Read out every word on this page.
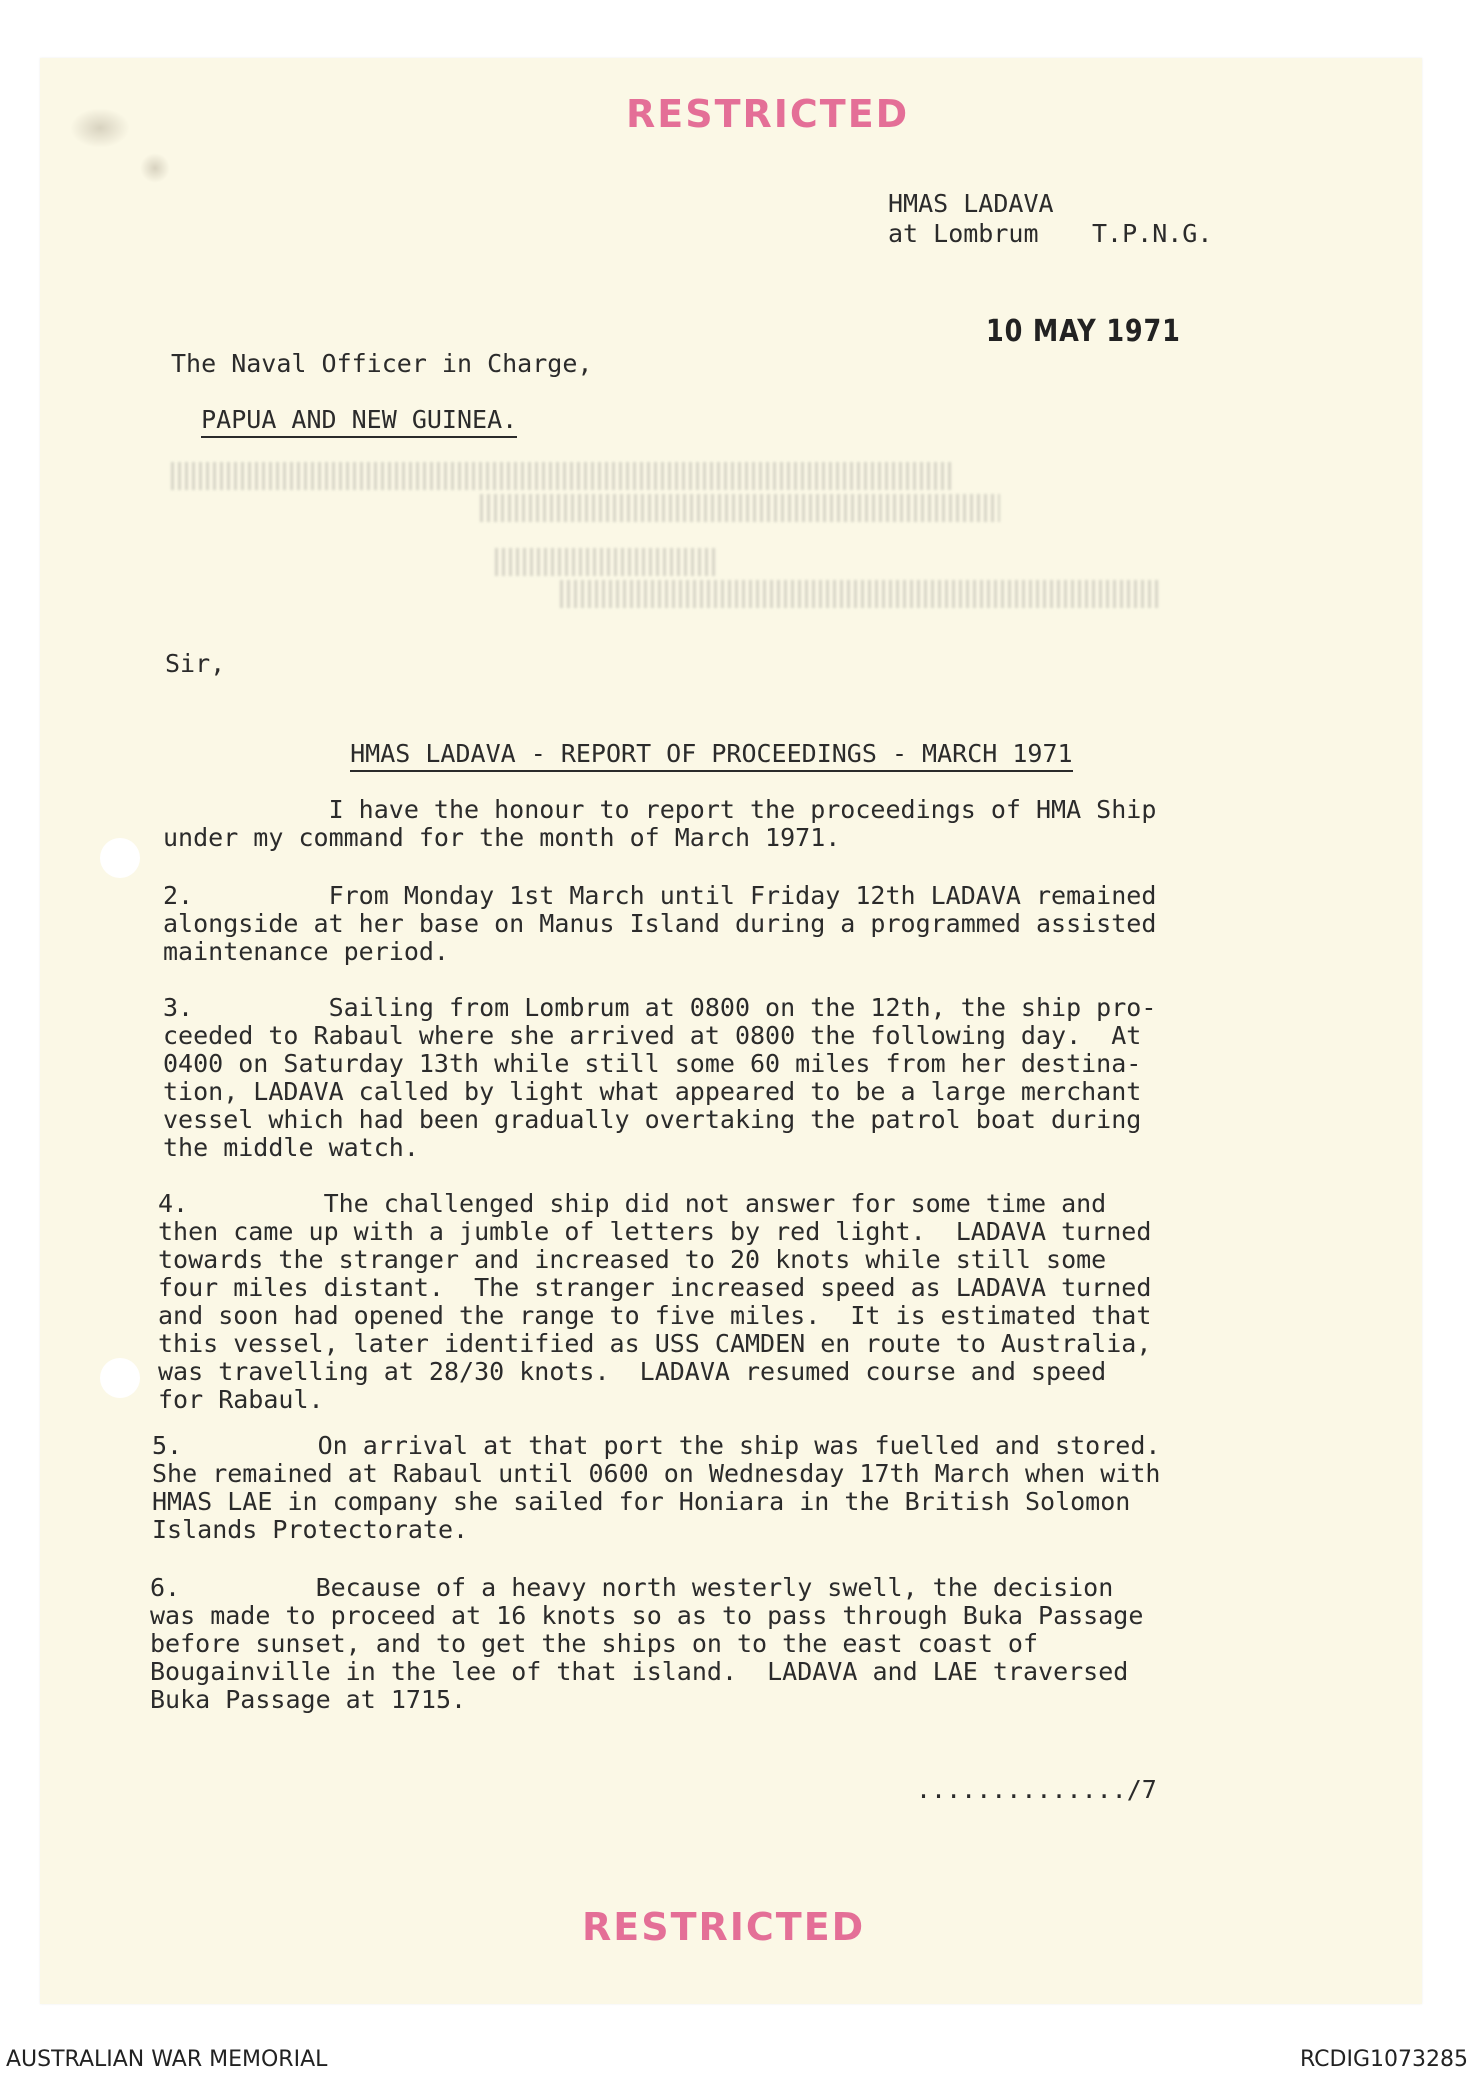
RESTRICTED
HMAS LADAVA
at Lombrum T.P.N.G.
10 MAY 1971
The Naval Officer in Charge,

PAPUA AND NEW GUINEA.

Sir,

HMAS LADAVA - REPORT OF PROCEEDINGS - MARCH 1971

I have the honour to report the proceedings of HMA Ship
under my command for the month of March 1971.
2.         From Monday 1st March until Friday 12th LADAVA remained
alongside at her base on Manus Island during a programmed assisted
maintenance period.
3.         Sailing from Lombrum at 0800 on the 12th, the ship pro-
ceeded to Rabaul where she arrived at 0800 the following day.  At
0400 on Saturday 13th while still some 60 miles from her destina-
tion, LADAVA called by light what appeared to be a large merchant
vessel which had been gradually overtaking the patrol boat during
the middle watch.
4.         The challenged ship did not answer for some time and
then came up with a jumble of letters by red light.  LADAVA turned
towards the stranger and increased to 20 knots while still some
four miles distant.  The stranger increased speed as LADAVA turned
and soon had opened the range to five miles.  It is estimated that
this vessel, later identified as USS CAMDEN en route to Australia,
was travelling at 28/30 knots.  LADAVA resumed course and speed
for Rabaul.
5.         On arrival at that port the ship was fuelled and stored.
She remained at Rabaul until 0600 on Wednesday 17th March when with
HMAS LAE in company she sailed for Honiara in the British Solomon
Islands Protectorate.
6.         Because of a heavy north westerly swell, the decision
was made to proceed at 16 knots so as to pass through Buka Passage
before sunset, and to get the ships on to the east coast of
Bougainville in the lee of that island.  LADAVA and LAE traversed
Buka Passage at 1715.
............../7
RESTRICTED
AUSTRALIAN WAR MEMORIAL	RCDIG1073285
